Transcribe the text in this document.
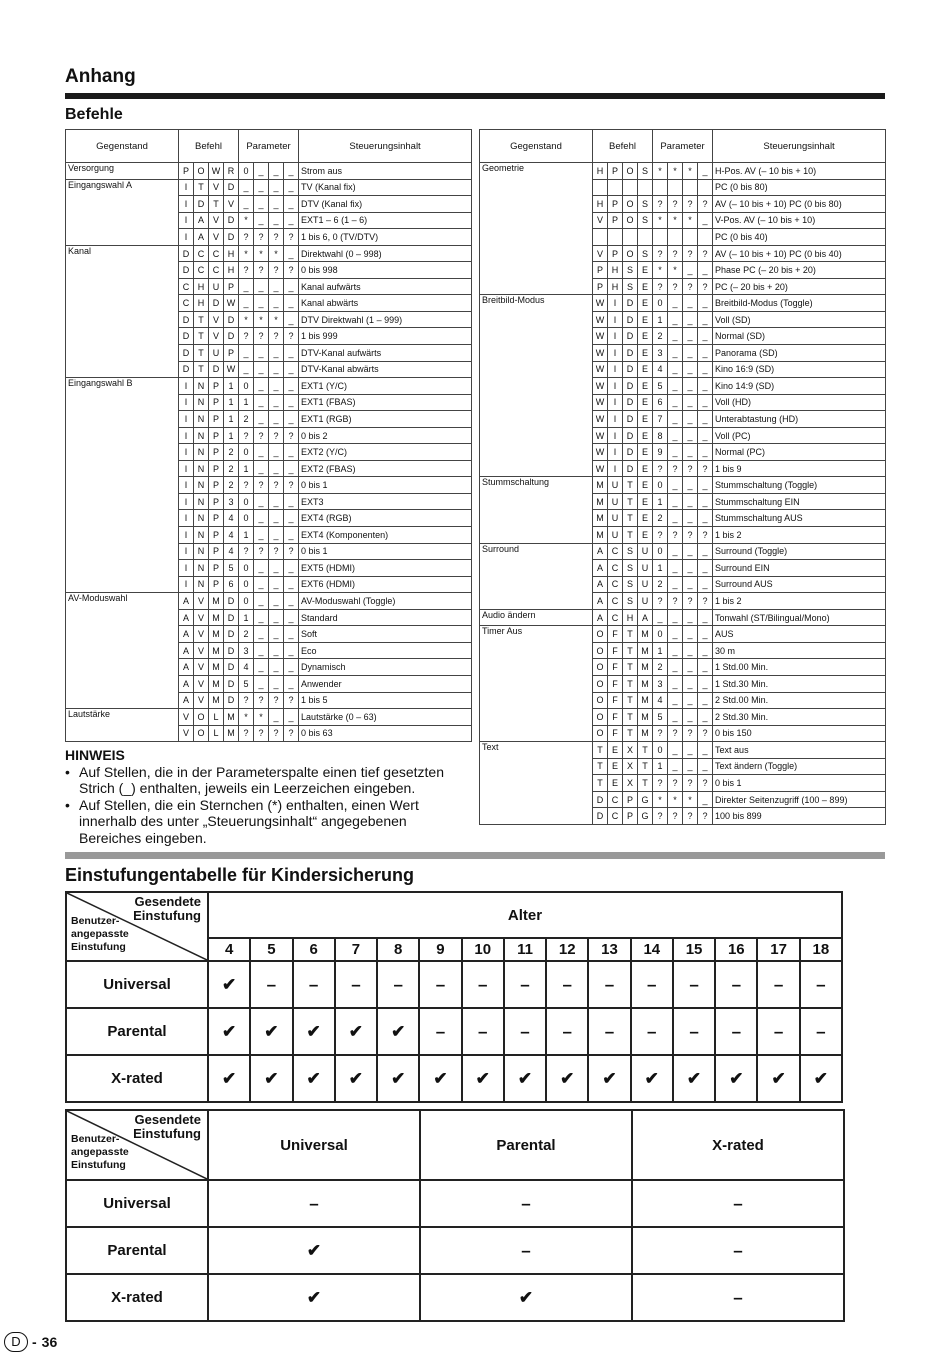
Anhang
Befehle
Gegenstand	Befehl				Parameter				Steuerungsinhalt
Versorgung	P	O	W	R	0	_	_	_	Strom aus
Eingangswahl A	I	T	V	D	_	_	_	_	TV (Kanal fix)
	I	D	T	V	_	_	_	_	DTV (Kanal fix)
	I	A	V	D	*	_	_	_	EXT1 – 6 (1 – 6)
	I	A	V	D	?	?	?	?	1 bis 6, 0 (TV/DTV)
Kanal	D	C	C	H	*	*	*	_	Direktwahl (0 – 998)
	D	C	C	H	?	?	?	?	0 bis 998
	C	H	U	P	_	_	_	_	Kanal aufwärts
	C	H	D	W	_	_	_	_	Kanal abwärts
	D	T	V	D	*	*	*	_	DTV Direktwahl (1 – 999)
	D	T	V	D	?	?	?	?	1 bis 999
	D	T	U	P	_	_	_	_	DTV-Kanal aufwärts
	D	T	D	W	_	_	_	_	DTV-Kanal abwärts
Eingangswahl B	I	N	P	1	0	_	_	_	EXT1 (Y/C)
	I	N	P	1	1	_	_	_	EXT1 (FBAS)
	I	N	P	1	2	_	_	_	EXT1 (RGB)
	I	N	P	1	?	?	?	?	0 bis 2
	I	N	P	2	0	_	_	_	EXT2 (Y/C)
	I	N	P	2	1	_	_	_	EXT2 (FBAS)
	I	N	P	2	?	?	?	?	0 bis 1
	I	N	P	3	0	_	_	_	EXT3
	I	N	P	4	0	_	_	_	EXT4 (RGB)
	I	N	P	4	1	_	_	_	EXT4 (Komponenten)
	I	N	P	4	?	?	?	?	0 bis 1
	I	N	P	5	0	_	_	_	EXT5 (HDMI)
	I	N	P	6	0	_	_	_	EXT6 (HDMI)
AV-Moduswahl	A	V	M	D	0	_	_	_	AV-Moduswahl (Toggle)
	A	V	M	D	1	_	_	_	Standard
	A	V	M	D	2	_	_	_	Soft
	A	V	M	D	3	_	_	_	Eco
	A	V	M	D	4	_	_	_	Dynamisch
	A	V	M	D	5	_	_	_	Anwender
	A	V	M	D	?	?	?	?	1 bis 5
Lautstärke	V	O	L	M	*	*	_	_	Lautstärke (0 – 63)
	V	O	L	M	?	?	?	?	0 bis 63
Gegenstand	Befehl				Parameter				Steuerungsinhalt
Geometrie	H	P	O	S	*	*	*	_	H-Pos. AV (– 10 bis + 10)
									PC (0 bis 80)
	H	P	O	S	?	?	?	?	AV (– 10 bis + 10) PC (0 bis 80)
	V	P	O	S	*	*	*	_	V-Pos. AV (– 10 bis + 10)
									PC (0 bis 40)
	V	P	O	S	?	?	?	?	AV (– 10 bis + 10) PC (0 bis 40)
	P	H	S	E	*	*	_	_	Phase PC (– 20 bis + 20)
	P	H	S	E	?	?	?	?	PC (– 20 bis + 20)
Breitbild-Modus	W	I	D	E	0	_	_	_	Breitbild-Modus (Toggle)
	W	I	D	E	1	_	_	_	Voll (SD)
	W	I	D	E	2	_	_	_	Normal (SD)
	W	I	D	E	3	_	_	_	Panorama (SD)
	W	I	D	E	4	_	_	_	Kino 16:9 (SD)
	W	I	D	E	5	_	_	_	Kino 14:9 (SD)
	W	I	D	E	6	_	_	_	Voll (HD)
	W	I	D	E	7	_	_	_	Unterabtastung (HD)
	W	I	D	E	8	_	_	_	Voll (PC)
	W	I	D	E	9	_	_	_	Normal (PC)
	W	I	D	E	?	?	?	?	1 bis 9
Stummschaltung	M	U	T	E	0	_	_	_	Stummschaltung (Toggle)
	M	U	T	E	1	_	_	_	Stummschaltung EIN
	M	U	T	E	2	_	_	_	Stummschaltung AUS
	M	U	T	E	?	?	?	?	1 bis 2
Surround	A	C	S	U	0	_	_	_	Surround (Toggle)
	A	C	S	U	1	_	_	_	Surround EIN
	A	C	S	U	2	_	_	_	Surround AUS
	A	C	S	U	?	?	?	?	1 bis 2
Audio ändern	A	C	H	A	_	_	_	_	Tonwahl (ST/Bilingual/Mono)
Timer Aus	O	F	T	M	0	_	_	_	AUS
	O	F	T	M	1	_	_	_	30 m
	O	F	T	M	2	_	_	_	1 Std.00 Min.
	O	F	T	M	3	_	_	_	1 Std.30 Min.
	O	F	T	M	4	_	_	_	2 Std.00 Min.
	O	F	T	M	5	_	_	_	2 Std.30 Min.
	O	F	T	M	?	?	?	?	0 bis 150
Text	T	E	X	T	0	_	_	_	Text aus
	T	E	X	T	1	_	_	_	Text ändern (Toggle)
	T	E	X	T	?	?	?	?	0 bis 1
	D	C	P	G	*	*	*	_	Direkter Seitenzugriff (100 – 899)
	D	C	P	G	?	?	?	?	100 bis 899
HINWEIS
• Auf Stellen, die in der Parameterspalte einen tief gesetzten Strich (_) enthalten, jeweils ein Leerzeichen eingeben.
• Auf Stellen, die ein Sternchen (*) enthalten, einen Wert innerhalb des unter „Steuerungsinhalt“ angegebenen Bereiches eingeben.
Einstufungentabelle für Kindersicherung
Gesendete Einstufung
Benutzer-angepasste Einstufung	Alter														
	4	5	6	7	8	9	10	11	12	13	14	15	16	17	18
Universal	✔	–	–	–	–	–	–	–	–	–	–	–	–	–	–
Parental	✔	✔	✔	✔	✔	–	–	–	–	–	–	–	–	–	–
X-rated	✔	✔	✔	✔	✔	✔	✔	✔	✔	✔	✔	✔	✔	✔	✔
Gesendete Einstufung
Benutzer-angepasste Einstufung	Universal	Parental	X-rated
Universal	–	–	–
Parental	✔	–	–
X-rated	✔	✔	–
D - 36
